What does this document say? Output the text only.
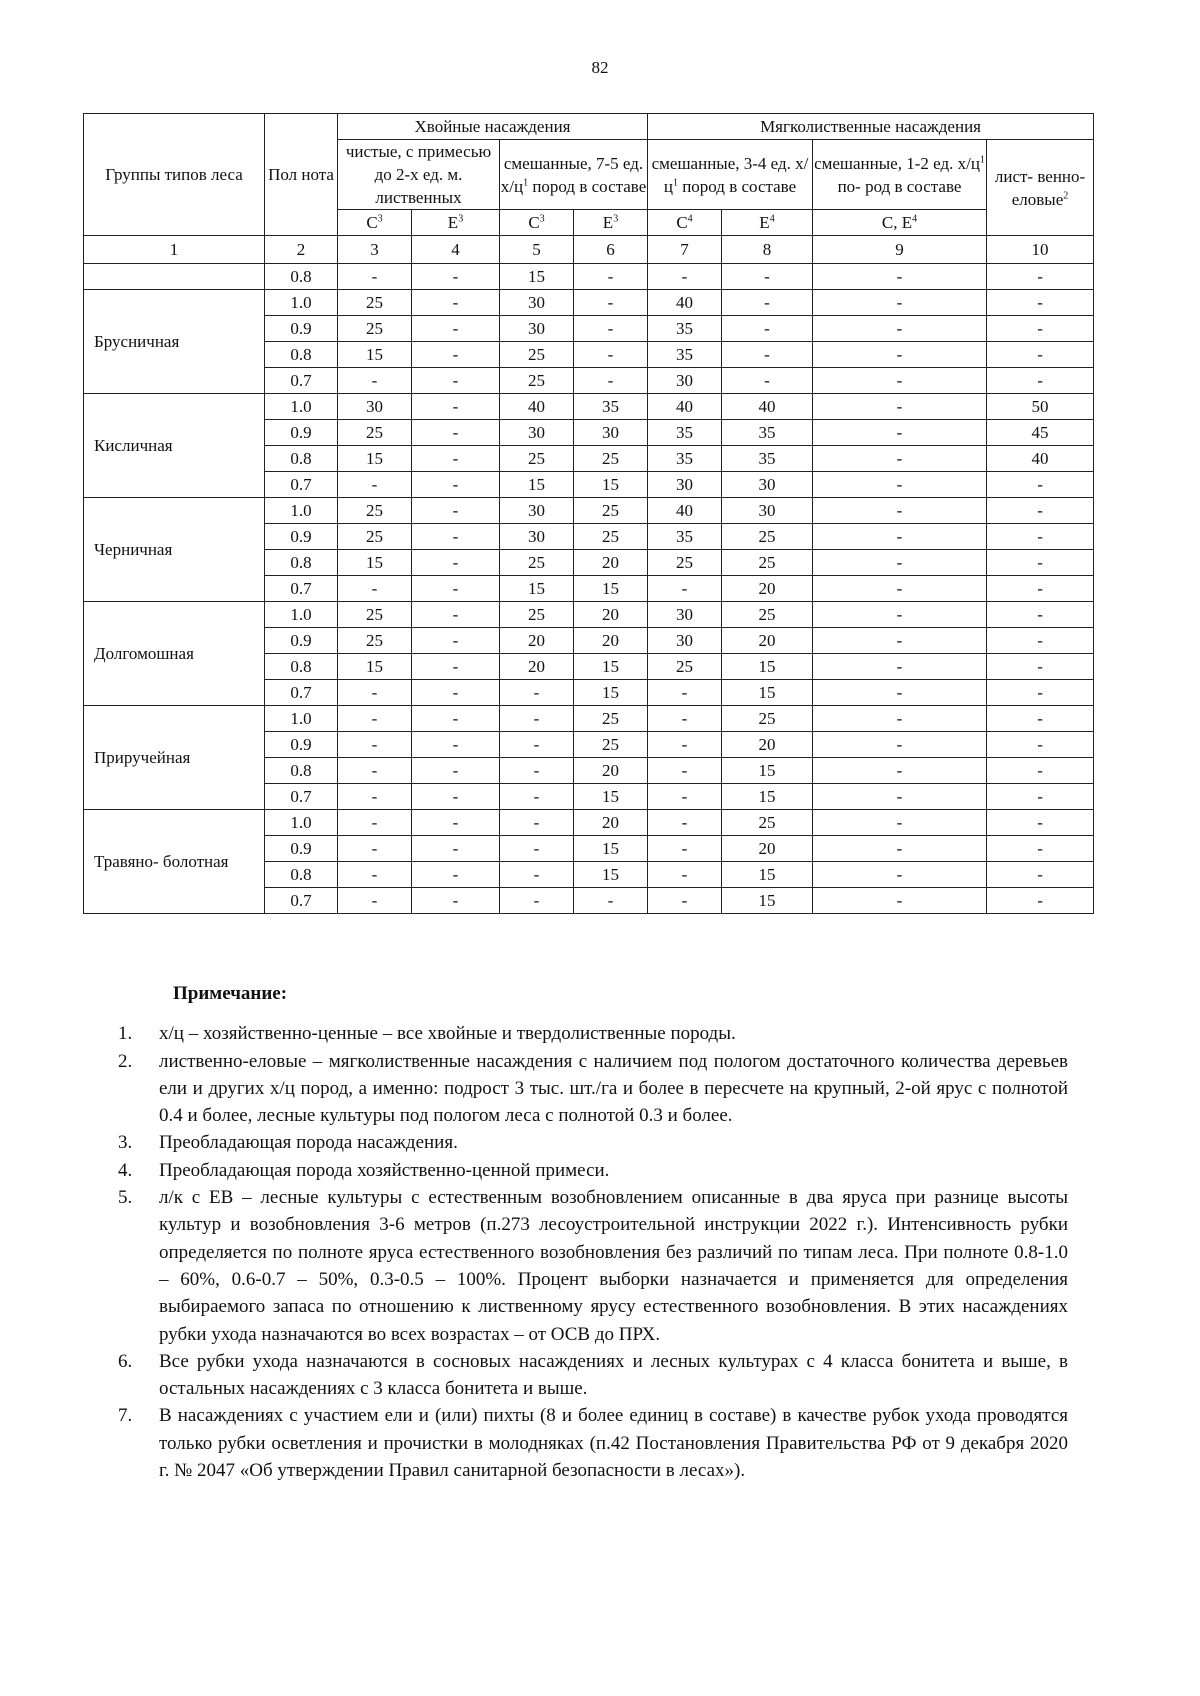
82
Группы типов леса	Пол нота	Хвойные насаждения				Мягколиственные насаждения			
		чистые, с примесью до 2-х ед. м. лиственных		смешанные, 7-5 ед. $х/ц^1$ пород в составе		смешанные, 3-4 ед. $х/ц^1$ пород в составе		смешанные, 1-2 ед. $х/ц^1$ по- род в составе	лист- венно- еловые$^2$
		$С^3$	$Е^3$	$С^3$	$Е^3$	$С^4$	$Е^4$	С, $Е^4$
1	2	3	4	5	6	7	8	9	10
	0.8	-	-	15	-	-	-	-	-
Брусничная	1.0	25	-	30	-	40	-	-	-
	0.9	25	-	30	-	35	-	-	-
	0.8	15	-	25	-	35	-	-	-
	0.7	-	-	25	-	30	-	-	-
Кисличная	1.0	30	-	40	35	40	40	-	50
	0.9	25	-	30	30	35	35	-	45
	0.8	15	-	25	25	35	35	-	40
	0.7	-	-	15	15	30	30	-	-
Черничная	1.0	25	-	30	25	40	30	-	-
	0.9	25	-	30	25	35	25	-	-
	0.8	15	-	25	20	25	25	-	-
	0.7	-	-	15	15	-	20	-	-
Долгомошная	1.0	25	-	25	20	30	25	-	-
	0.9	25	-	20	20	30	20	-	-
	0.8	15	-	20	15	25	15	-	-
	0.7	-	-	-	15	-	15	-	-
Приручейная	1.0	-	-	-	25	-	25	-	-
	0.9	-	-	-	25	-	20	-	-
	0.8	-	-	-	20	-	15	-	-
	0.7	-	-	-	15	-	15	-	-
Травяно- болотная	1.0	-	-	-	20	-	25	-	-
	0.9	-	-	-	15	-	20	-	-
	0.8	-	-	-	15	-	15	-	-
	0.7	-	-	-	-	-	15	-	-
Примечание:
1. х/ц – хозяйственно-ценные – все хвойные и твердолиственные породы.
2. лиственно-еловые – мягколиственные насаждения с наличием под пологом достаточного количества деревьев ели и других х/ц пород, а именно: подрост 3 тыс. шт./га и более в пересчете на крупный, 2-ой ярус с полнотой 0.4 и более, лесные культуры под пологом леса с полнотой 0.3 и более.
3. Преобладающая порода насаждения.
4. Преобладающая порода хозяйственно-ценной примеси.
5. л/к с ЕВ – лесные культуры с естественным возобновлением описанные в два яруса при разнице высоты культур и возобновления 3-6 метров (п.273 лесоустроительной инструкции 2022 г.). Интенсивность рубки определяется по полноте яруса естественного возобновления без различий по типам леса. При полноте 0.8-1.0 – 60%, 0.6-0.7 – 50%, 0.3-0.5 – 100%. Процент выборки назначается и применяется для определения выбираемого запаса по отношению к лиственному ярусу естественного возобновления. В этих насаждениях рубки ухода назначаются во всех возрастах – от ОСВ до ПРХ.
6. Все рубки ухода назначаются в сосновых насаждениях и лесных культурах с 4 класса бонитета и выше, в остальных насаждениях с 3 класса бонитета и выше.
7. В насаждениях с участием ели и (или) пихты (8 и более единиц в составе) в качестве рубок ухода проводятся только рубки осветления и прочистки в молодняках (п.42 Постановления Правительства РФ от 9 декабря 2020 г. № 2047 «Об утверждении Правил санитарной безопасности в лесах»).
